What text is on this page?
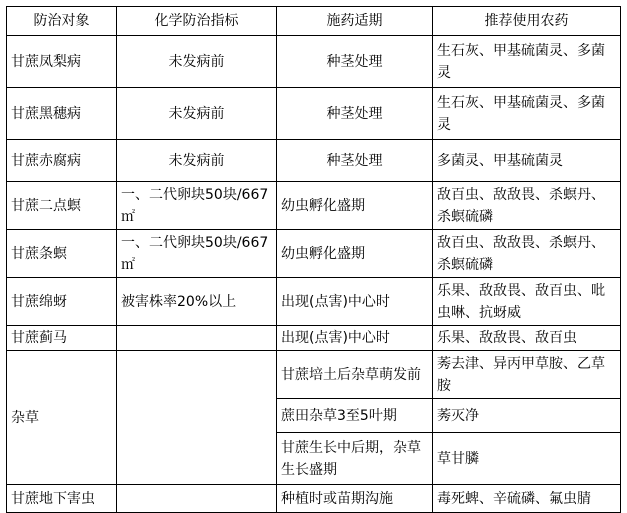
防治对象	化学防治指标	施药适期	推荐使用农药
甘蔗凤梨病	未发病前	种茎处理	生石灰、甲基硫菌灵、多菌灵
甘蔗黑穗病	未发病前	种茎处理	生石灰、甲基硫菌灵、多菌灵
甘蔗赤腐病	未发病前	种茎处理	多菌灵、甲基硫菌灵
甘蔗二点螟	一、二代卵块50块/667㎡	幼虫孵化盛期	敌百虫、敌敌畏、杀螟丹、杀螟硫磷
甘蔗条螟	一、二代卵块50块/667㎡	幼虫孵化盛期	敌百虫、敌敌畏、杀螟丹、杀螟硫磷
甘蔗绵蚜	被害株率20%以上	出现(点害)中心时	乐果、敌敌畏、敌百虫、吡虫啉、抗蚜威
甘蔗蓟马		出现(点害)中心时	乐果、敌敌畏、敌百虫
杂草		甘蔗培土后杂草萌发前	莠去津、异丙甲草胺、乙草胺
		蔗田杂草3至5叶期	莠灭净
		甘蔗生长中后期，杂草生长盛期	草甘膦
甘蔗地下害虫		种植时或苗期沟施	毒死蜱、辛硫磷、氟虫腈
